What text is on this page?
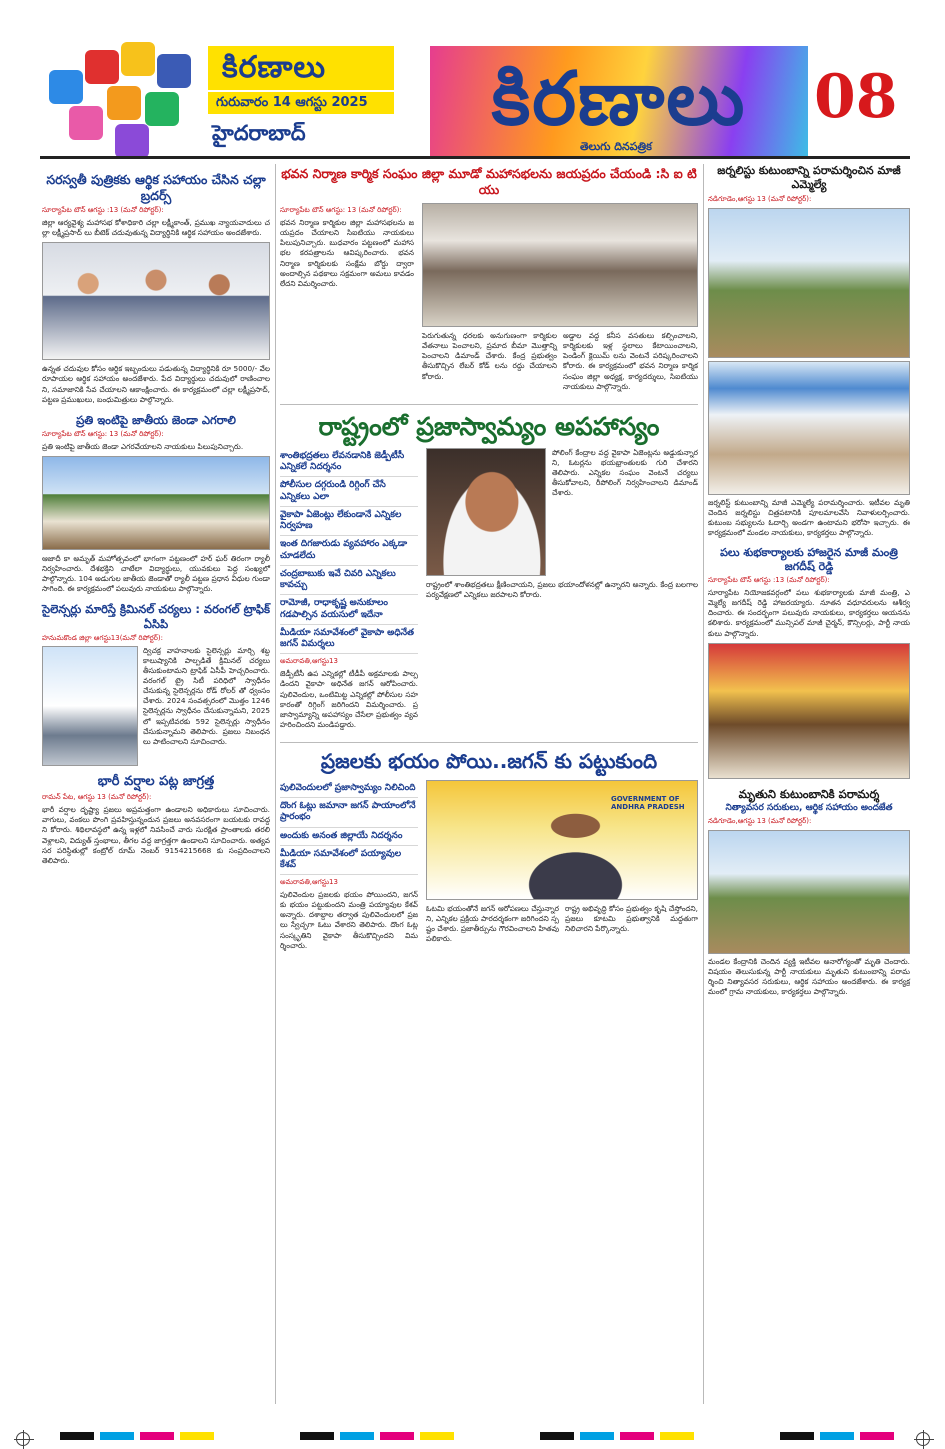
కిరణాలు
గురువారం 14 ఆగస్టు 2025
హైదరాబాద్	కిరణాలు
తెలుగు దినపత్రిక
08
సరస్వతీ పుత్రికకు ఆర్థిక సహాయం చేసిన చల్లా బ్రదర్స్
సూర్యాపేట టౌన్ ఆగస్టు :13 (మనో రిపోర్టర్):

జిల్లా ఆర్యవైశ్య మహాసభ కోశాధికారి చల్లా లక్ష్మీకాంత్, ప్రముఖ న్యాయవాదులు చల్లా లక్ష్మీప్రసాద్ లు బీటెక్ చదువుతున్న విద్యార్థినికి ఆర్థిక సహాయం అందజేశారు.

ఉన్నత చదువుల కోసం ఆర్థిక ఇబ్బందులు పడుతున్న విద్యార్థినికి రూ 5000/- వేల రూపాయల ఆర్థిక సహాయం అందజేశారు. పేద విద్యార్థులు చదువులో రాణించాలని, సమాజానికి సేవ చేయాలని ఆకాంక్షించారు. ఈ కార్యక్రమంలో చల్లా లక్ష్మీప్రసాద్, పట్టణ ప్రముఖులు, బంధుమిత్రులు పాల్గొన్నారు.

ప్రతి ఇంటిపై జాతీయ జెండా ఎగరాలి
సూర్యాపేట టౌన్ ఆగస్టు: 13 (మనో రిపోర్టర్):

ప్రతి ఇంటిపై జాతీయ జెండా ఎగరవేయాలని నాయకులు పిలుపునిచ్చారు.

ఆజాదీ కా అమృత్ మహోత్సవంలో భాగంగా పట్టణంలో హర్ ఘర్ తిరంగా ర్యాలీ నిర్వహించారు. దేశభక్తిని చాటేలా విద్యార్థులు, యువకులు పెద్ద సంఖ్యలో పాల్గొన్నారు. 104 అడుగుల జాతీయ జెండాతో ర్యాలీ పట్టణ ప్రధాన వీధుల గుండా సాగింది. ఈ కార్యక్రమంలో పలువురు నాయకులు పాల్గొన్నారు.

సైలెన్సర్లు మారిస్తే క్రిమినల్ చర్యలు : వరంగల్ ట్రాఫిక్ ఏసిపి
హనుమకొండ జిల్లా ఆగస్టు13(మనో రిపోర్టర్):

ద్విచక్ర వాహనాలకు సైలెన్సర్లు మార్చి శబ్ద కాలుష్యానికి పాల్పడితే క్రిమినల్ చర్యలు తీసుకుంటామని ట్రాఫిక్ ఏసీపీ హెచ్చరించారు. వరంగల్ ట్రై సిటీ పరిధిలో స్వాధీనం చేసుకున్న సైలెన్సర్లను రోడ్ రోలర్ తో ధ్వంసం చేశారు. 2024 సంవత్సరంలో మొత్తం 1246 సైలెన్సర్లను స్వాధీనం చేసుకున్నామని, 2025లో ఇప్పటివరకు 592 సైలెన్సర్లు స్వాధీనం చేసుకున్నామని తెలిపారు. ప్రజలు నిబంధనలు పాటించాలని సూచించారు.

భారీ వర్షాల పట్ల జాగ్రత్త
రామన్ పేట, ఆగస్టు 13 (మనో రిపోర్టర్):

భారీ వర్షాల దృష్ట్యా ప్రజలు అప్రమత్తంగా ఉండాలని అధికారులు సూచించారు. వాగులు, వంకలు పొంగి ప్రవహిస్తున్నందున ప్రజలు అనవసరంగా బయటకు రావద్దని కోరారు. శిథిలావస్థలో ఉన్న ఇళ్లలో నివసించే వారు సురక్షిత ప్రాంతాలకు తరలి వెళ్లాలని, విద్యుత్ స్తంభాలు, తీగల వద్ద జాగ్రత్తగా ఉండాలని సూచించారు. అత్యవసర పరిస్థితుల్లో కంట్రోల్ రూమ్ నెంబర్ 9154215668 కు సంప్రదించాలని తెలిపారు.

భవన నిర్మాణ కార్మిక సంఘం జిల్లా మూడో మహాసభలను జయప్రదం చేయండి :సి ఐ టి యు
సూర్యాపేట టౌన్ ఆగస్టు: 13 (మనో రిపోర్టర్):

భవన నిర్మాణ కార్మికుల జిల్లా మహాసభలను జయప్రదం చేయాలని సిఐటియు నాయకులు పిలుపునిచ్చారు. బుధవారం పట్టణంలో మహాసభల కరపత్రాలను ఆవిష్కరించారు. భవన నిర్మాణ కార్మికులకు సంక్షేమ బోర్డు ద్వారా అందాల్సిన పథకాలు సక్రమంగా అమలు కావడం లేదని విమర్శించారు.

పెరుగుతున్న ధరలకు అనుగుణంగా కార్మికుల వేతనాలు పెంచాలని, ప్రమాద బీమా మొత్తాన్ని పెంచాలని డిమాండ్ చేశారు. కేంద్ర ప్రభుత్వం తీసుకొచ్చిన లేబర్ కోడ్ లను రద్దు చేయాలని కోరారు.

అడ్డాల వద్ద కనీస వసతులు కల్పించాలని, కార్మికులకు ఇళ్ల స్థలాలు కేటాయించాలని, పెండింగ్ క్లెయిమ్ లను వెంటనే పరిష్కరించాలని కోరారు. ఈ కార్యక్రమంలో భవన నిర్మాణ కార్మిక సంఘం జిల్లా అధ్యక్ష, కార్యదర్శులు, సిఐటియు నాయకులు పాల్గొన్నారు.

రాష్ట్రంలో ప్రజాస్వామ్యం అపహాస్యం
శాంతిభద్రతలు లేవనడానికి జెడ్పీటీసీ ఎన్నికలే నిదర్శనం
పోలీసుల దగ్గరుండి రిగ్గింగ్ చేసే ఎన్నికలు ఎలా
వైకాపా ఏజెంట్లు లేకుండానే ఎన్నికల నిర్వహణ
ఇంత దిగజారుడు వ్యవహారం ఎక్కడా చూడలేదు
చంద్రబాబుకు ఇవే చివరి ఎన్నికలు కావచ్చు
రామోజీ, రాధాకృష్ణ అనుకూలం గడపాల్సిన వయసులో ఇదేనా
మీడియా సమావేశంలో వైకాపా అధినేత జగన్ విమర్శలు
అమరావతి,ఆగస్టు13

జెడ్పీటీసీ ఉప ఎన్నికల్లో టీడీపీ అక్రమాలకు పాల్పడిందని వైకాపా అధినేత జగన్ ఆరోపించారు. పులివెందుల, ఒంటిమిట్ట ఎన్నికల్లో పోలీసుల సహకారంతో రిగ్గింగ్ జరిగిందని విమర్శించారు. ప్రజాస్వామ్యాన్ని అపహాస్యం చేసేలా ప్రభుత్వం వ్యవహరించిందని మండిపడ్డారు.

పోలింగ్ కేంద్రాల వద్ద వైకాపా ఏజెంట్లను అడ్డుకున్నారని, ఓటర్లను భయభ్రాంతులకు గురి చేశారని తెలిపారు. ఎన్నికల సంఘం వెంటనే చర్యలు తీసుకోవాలని, రీపోలింగ్ నిర్వహించాలని డిమాండ్ చేశారు.

రాష్ట్రంలో శాంతిభద్రతలు క్షీణించాయని, ప్రజలు భయాందోళనల్లో ఉన్నారని అన్నారు. కేంద్ర బలగాల పర్యవేక్షణలో ఎన్నికలు జరపాలని కోరారు.

ప్రజలకు భయం పోయి..జగన్ కు పట్టుకుంది
పులివెందులలో ప్రజాస్వామ్యం నిలిచింది
దొంగ ఓట్లు జమానా జగన్ పాయాంలోనే ప్రారంభం
అందుకు అనంత జిల్లాయే నిదర్శనం
మీడియా సమావేశంలో పయ్యావుల కేశవ్
అమరావతి,ఆగస్టు13

పులివెందుల ప్రజలకు భయం పోయిందని, జగన్ కు భయం పట్టుకుందని మంత్రి పయ్యావుల కేశవ్ అన్నారు. దశాబ్దాల తర్వాత పులివెందులలో ప్రజలు స్వేచ్ఛగా ఓటు వేశారని తెలిపారు. దొంగ ఓట్ల సంస్కృతిని వైకాపా తీసుకొచ్చిందని విమర్శించారు.

GOVERNMENT OF ANDHRA PRADESH

ఓటమి భయంతోనే జగన్ ఆరోపణలు చేస్తున్నారని, ఎన్నికల ప్రక్రియ పారదర్శకంగా జరిగిందని స్పష్టం చేశారు. ప్రజాతీర్పును గౌరవించాలని హితవు పలికారు.

రాష్ట్ర అభివృద్ధి కోసం ప్రభుత్వం కృషి చేస్తోందని, ప్రజలు కూటమి ప్రభుత్వానికి మద్దతుగా నిలిచారని పేర్కొన్నారు.

జర్నలిస్టు కుటుంబాన్ని పరామర్శించిన మాజీ ఎమ్మెల్యే
నడిగూడెం,ఆగస్టు 13 (మనో రిపోర్టర్):

జర్నలిస్ట్ కుటుంబాన్ని మాజీ ఎమ్మెల్యే పరామర్శించారు. ఇటీవల మృతి చెందిన జర్నలిస్టు చిత్రపటానికి పూలమాలవేసి నివాళులర్పించారు. కుటుంబ సభ్యులను ఓదార్చి అండగా ఉంటామని భరోసా ఇచ్చారు. ఈ కార్యక్రమంలో మండల నాయకులు, కార్యకర్తలు పాల్గొన్నారు.

పలు శుభకార్యాలకు హాజరైన మాజీ మంత్రి జగదీష్ రెడ్డి
సూర్యాపేట టౌన్ ఆగస్టు :13 (మనో రిపోర్టర్):

సూర్యాపేట నియోజకవర్గంలో పలు శుభకార్యాలకు మాజీ మంత్రి, ఎమ్మెల్యే జగదీష్ రెడ్డి హాజరయ్యారు. నూతన వధూవరులను ఆశీర్వదించారు. ఈ సందర్భంగా పలువురు నాయకులు, కార్యకర్తలు ఆయనను కలిశారు. కార్యక్రమంలో మున్సిపల్ మాజీ చైర్మన్, కౌన్సిలర్లు, పార్టీ నాయకులు పాల్గొన్నారు.

మృతుని కుటుంబానికి పరామర్శ
నిత్యావసర సరుకులు, ఆర్థిక సహాయం అందజేత
నడిగూడెం,ఆగస్టు 13 (మనో రిపోర్టర్):

మండల కేంద్రానికి చెందిన వ్యక్తి ఇటీవల అనారోగ్యంతో మృతి చెందారు. విషయం తెలుసుకున్న పార్టీ నాయకులు మృతుని కుటుంబాన్ని పరామర్శించి నిత్యావసర సరుకులు, ఆర్థిక సహాయం అందజేశారు. ఈ కార్యక్రమంలో గ్రామ నాయకులు, కార్యకర్తలు పాల్గొన్నారు.
